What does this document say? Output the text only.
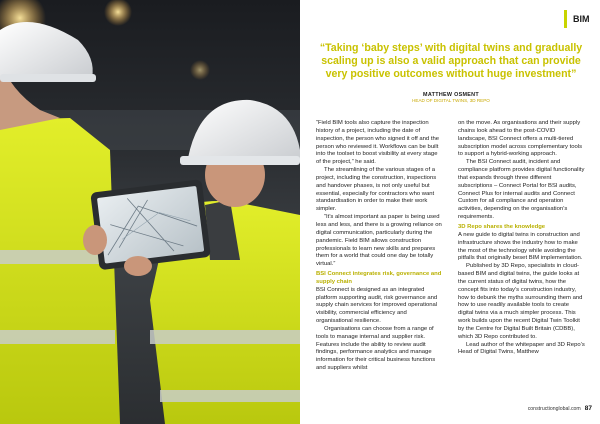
BIM

“Taking ‘baby steps’ with digital twins and gradually scaling up is also a valid approach that can provide very positive outcomes without huge investment”

MATTHEW OSMENT
HEAD OF DIGITAL TWINS, 3D REPO

“Field BIM tools also capture the inspection history of a project, including the date of inspection, the person who signed it off and the person who reviewed it. Workflows can be built into the toolset to boost visibility at every stage of the project,” he said.

The streamlining of the various stages of a project, including the construction, inspections and handover phases, is not only useful but essential, especially for contractors who want standardisation in order to make their work simpler.

“It’s almost important as paper is being used less and less, and there is a growing reliance on digital communication, particularly during the pandemic. Field BIM allows construction professionals to learn new skills and prepares them for a world that could one day be totally virtual.”

BSI Connect integrates risk, governance and supply chain

BSI Connect is designed as an integrated platform supporting audit, risk governance and supply chain services for improved operational visibility, commercial efficiency and organisational resilience.

Organisations can choose from a range of tools to manage internal and supplier risk. Features include the ability to review audit findings, performance analytics and manage information for their critical business functions and suppliers whilst

on the move. As organisations and their supply chains look ahead to the post-COVID landscape, BSI Connect offers a multi-tiered subscription model across complementary tools to support a hybrid-working approach.

The BSI Connect audit, incident and compliance platform provides digital functionality that expands through three different subscriptions – Connect Portal for BSI audits, Connect Plus for internal audits and Connect Custom for all compliance and operation activities, depending on the organisation’s requirements.

3D Repo shares the knowledge

A new guide to digital twins in construction and infrastructure shows the industry how to make the most of the technology while avoiding the pitfalls that originally beset BIM implementation.

Published by 3D Repo, specialists in cloud-based BIM and digital twins, the guide looks at the current status of digital twins, how the concept fits into today’s construction industry, how to debunk the myths surrounding them and how to use readily available tools to create digital twins via a much simpler process. This work builds upon the recent Digital Twin Toolkit by the Centre for Digital Built Britain (CDBB), which 3D Repo contributed to.

Lead author of the whitepaper and 3D Repo’s Head of Digital Twins, Matthew

constructionglobal.com 87
